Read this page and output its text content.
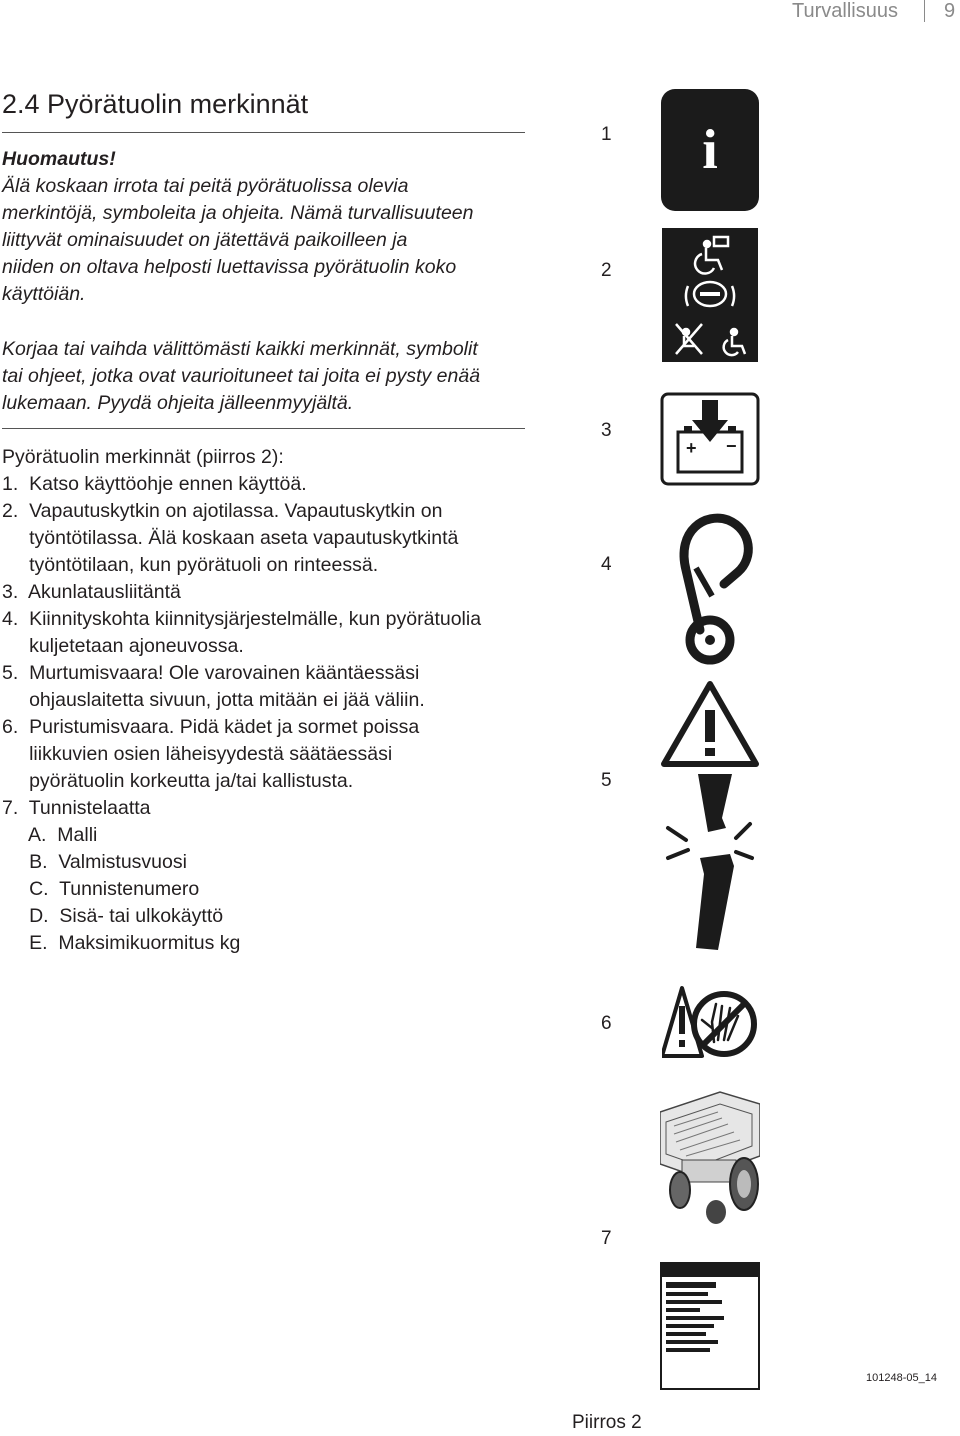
Turvallisuus 9
2.4 Pyörätuolin merkinnät
Huomautus!
Älä koskaan irrota tai peitä pyörätuolissa olevia
merkintöjä, symboleita ja ohjeita. Nämä turvallisuuteen
liittyvät ominaisuudet on jätettävä paikoilleen ja
niiden on oltava helposti luettavissa pyörätuolin koko
käyttöiän.
Korjaa tai vaihda välittömästi kaikki merkinnät, symbolit
tai ohjeet, jotka ovat vaurioituneet tai joita ei pysty enää
lukemaan. Pyydä ohjeita jälleenmyyjältä.
Pyörätuolin merkinnät (piirros 2):
1.  Katso käyttöohje ennen käyttöä.
2.  Vapautuskytkin on ajotilassa. Vapautuskytkin on
työntötilassa. Älä koskaan aseta vapautuskytkintä
työntötilaan, kun pyörätuoli on rinteessä.
3.  Akunlatausliitäntä
4.  Kiinnityskohta kiinnitysjärjestelmälle, kun pyörätuolia
kuljetetaan ajoneuvossa.
5.  Murtumisvaara! Ole varovainen kääntäessäsi
ohjauslaitetta sivuun, jotta mitään ei jää väliin.
6.  Puristumisvaara. Pidä kädet ja sormet poissa
liikkuvien osien läheisyydestä säätäessäsi
pyörätuolin korkeutta ja/tai kallistusta.
7.  Tunnistelaatta
A.  Malli
B.  Valmistusvuosi
C.  Tunnistenumero
D.  Sisä- tai ulkokäyttö
E.  Maksimikuormitus kg
1
2
3
4
5
6
7
i
+ −
101248-05_14
Piirros 2
